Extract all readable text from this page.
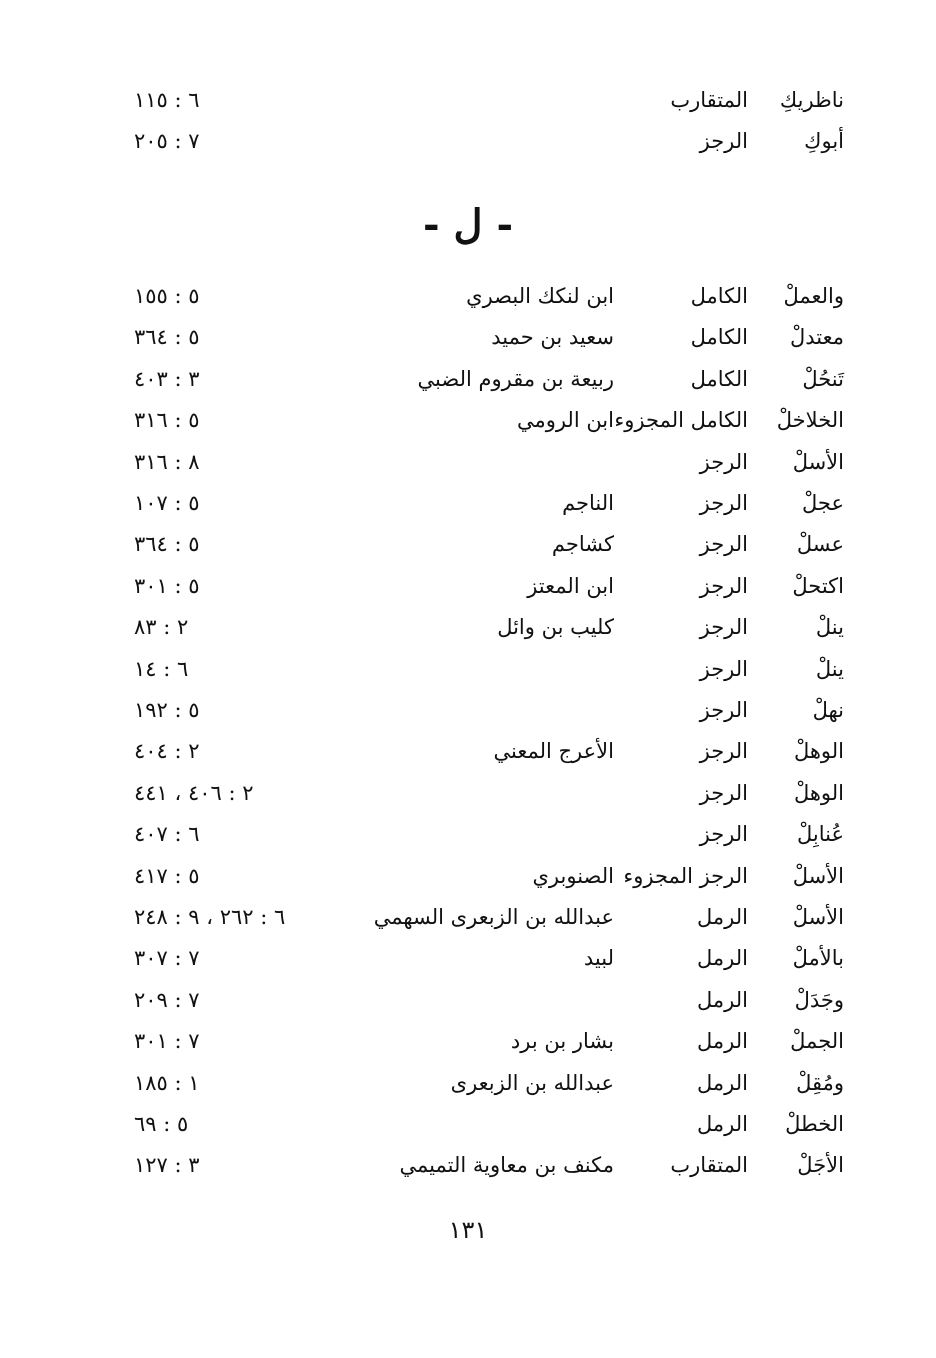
ناظريكِ
المتقارب
٦ : ١١٥
أبوكِ
الرجز
٧ : ٢٠٥
- ل -
والعملْ
الكامل
ابن لنكك البصري
٥ : ١٥٥
معتدلْ
الكامل
سعيد بن حميد
٥ : ٣٦٤
تَنحُلْ
الكامل
ربيعة بن مقروم الضبي
٣ : ٤٠٣
الخلاخلْ
الكامل المجزوء
ابن الرومي
٥ : ٣١٦
الأسلْ
الرجز
٨ : ٣١٦
عجلْ
الرجز
الناجم
٥ : ١٠٧
عسلْ
الرجز
كشاجم
٥ : ٣٦٤
اكتحلْ
الرجز
ابن المعتز
٥ : ٣٠١
ينلْ
الرجز
كليب بن وائل
٢ : ٨٣
ينلْ
الرجز
٦ : ١٤
نهلْ
الرجز
٥ : ١٩٢
الوهلْ
الرجز
الأعرج المعني
٢ : ٤٠٤
الوهلْ
الرجز
٢ : ٤٠٦ ، ٤٤١
عُنابِلْ
الرجز
٦ : ٤٠٧
الأسلْ
الرجز المجزوء
الصنوبري
٥ : ٤١٧
الأسلْ
الرمل
عبدالله بن الزبعرى السهمي
٦ : ٢٦٢ ، ٩ : ٢٤٨
بالأملْ
الرمل
لبيد
٧ : ٣٠٧
وجَدَلْ
الرمل
٧ : ٢٠٩
الجملْ
الرمل
بشار بن برد
٧ : ٣٠١
ومُقِلْ
الرمل
عبدالله بن الزبعرى
١ : ١٨٥
الخطلْ
الرمل
٥ : ٦٩
الأجَلْ
المتقارب
مكنف بن معاوية التميمي
٣ : ١٢٧
١٣١
